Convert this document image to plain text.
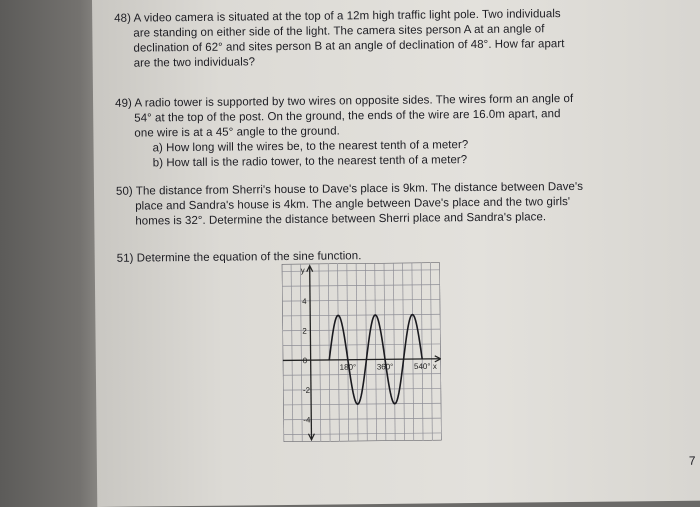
48) A video camera is situated at the top of a 12m high traffic light pole. Two individuals
are standing on either side of the light. The camera sites person A at an angle of
declination of 62° and sites person B at an angle of declination of 48°. How far apart
are the two individuals?
49) A radio tower is supported by two wires on opposite sides. The wires form an angle of
54° at the top of the post. On the ground, the ends of the wire are 16.0m apart, and
one wire is at a 45° angle to the ground.
a) How long will the wires be, to the nearest tenth of a meter?
b) How tall is the radio tower, to the nearest tenth of a meter?
50) The distance from Sherri's house to Dave's place is 9km. The distance between Dave's
place and Sandra's house is 4km. The angle between Dave's place and the two girls'
homes is 32°. Determine the distance between Sherri place and Sandra's place.
51) Determine the equation of the sine function.
y
x
180°	360°	540°
4
2
0
-2
-4
7
